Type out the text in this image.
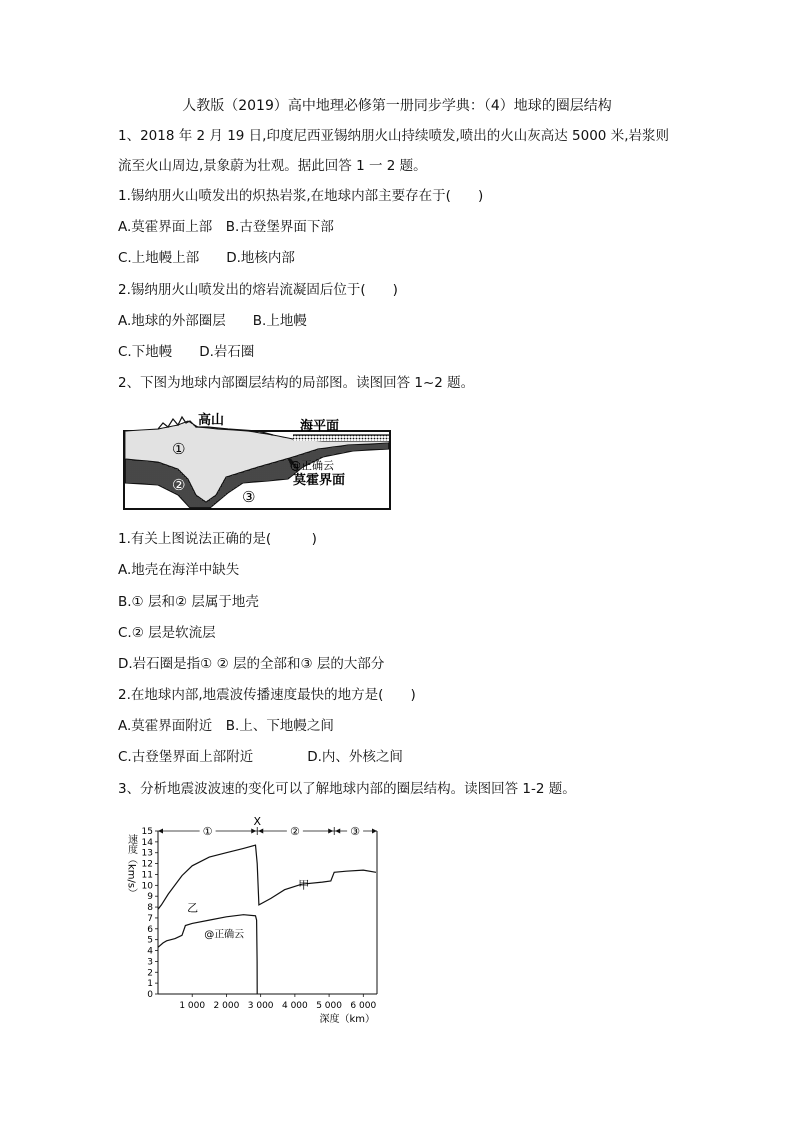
人教版（2019）高中地理必修第一册同步学典：（4）地球的圈层结构
1、2018 年 2 月 19 日,印度尼西亚锡纳朋火山持续喷发,喷出的火山灰高达 5000 米,岩浆则
流至火山周边,景象蔚为壮观。据此回答 1 一 2 题。
1.锡纳朋火山喷发出的炽热岩浆,在地球内部主要存在于(　　)
A.莫霍界面上部　B.古登堡界面下部
C.上地幔上部　　D.地核内部
2.锡纳朋火山喷发出的熔岩流凝固后位于(　　)
A.地球的外部圈层　　B.上地幔
C.下地幔　　D.岩石圈
2、下图为地球内部圈层结构的局部图。读图回答 1~2 题。
高山	海平面
①
②
③
@正确云
莫霍界面
1.有关上图说法正确的是(　　　)
A.地壳在海洋中缺失
B.① 层和② 层属于地壳
C.② 层是软流层
D.岩石圈是指① ② 层的全部和③ 层的大部分
2.在地球内部,地震波传播速度最快的地方是(　　)
A.莫霍界面附近　B.上、下地幔之间
C.古登堡界面上部附近　　　　D.内、外核之间
3、分析地震波波速的变化可以了解地球内部的圈层结构。读图回答 1-2 题。
0
1
2
3
4
5
6
7
8
9
10
11
12
13
14
15
1 000 2 000 3 000 4 000 5 000 6 000
①
X
②	③
甲
乙
@正确云
速度（km/s）
深度（km）
